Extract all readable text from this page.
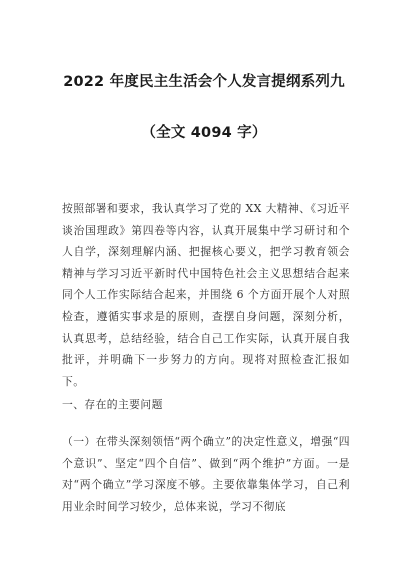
2022 年度民主生活会个人发言提纲系列九
（全文 4094 字）
按照部署和要求，我认真学习了党的 XX 大精神、《习近平谈治国理政》第四卷等内容，认真开展集中学习研讨和个人自学，深刻理解内涵、把握核心要义，把学习教育领会精神与学习习近平新时代中国特色社会主义思想结合起来同个人工作实际结合起来，并围绕 6 个方面开展个人对照检查，遵循实事求是的原则，查摆自身问题，深刻分析，认真思考，总结经验，结合自己工作实际，认真开展自我批评，并明确下一步努力的方向。现将对照检查汇报如下。
一、存在的主要问题
（一）在带头深刻领悟“两个确立”的决定性意义，增强“四个意识”、坚定“四个自信”、做到“两个维护”方面。一是对“两个确立”学习深度不够。主要依靠集体学习，自己利用业余时间学习较少，总体来说，学习不彻底
